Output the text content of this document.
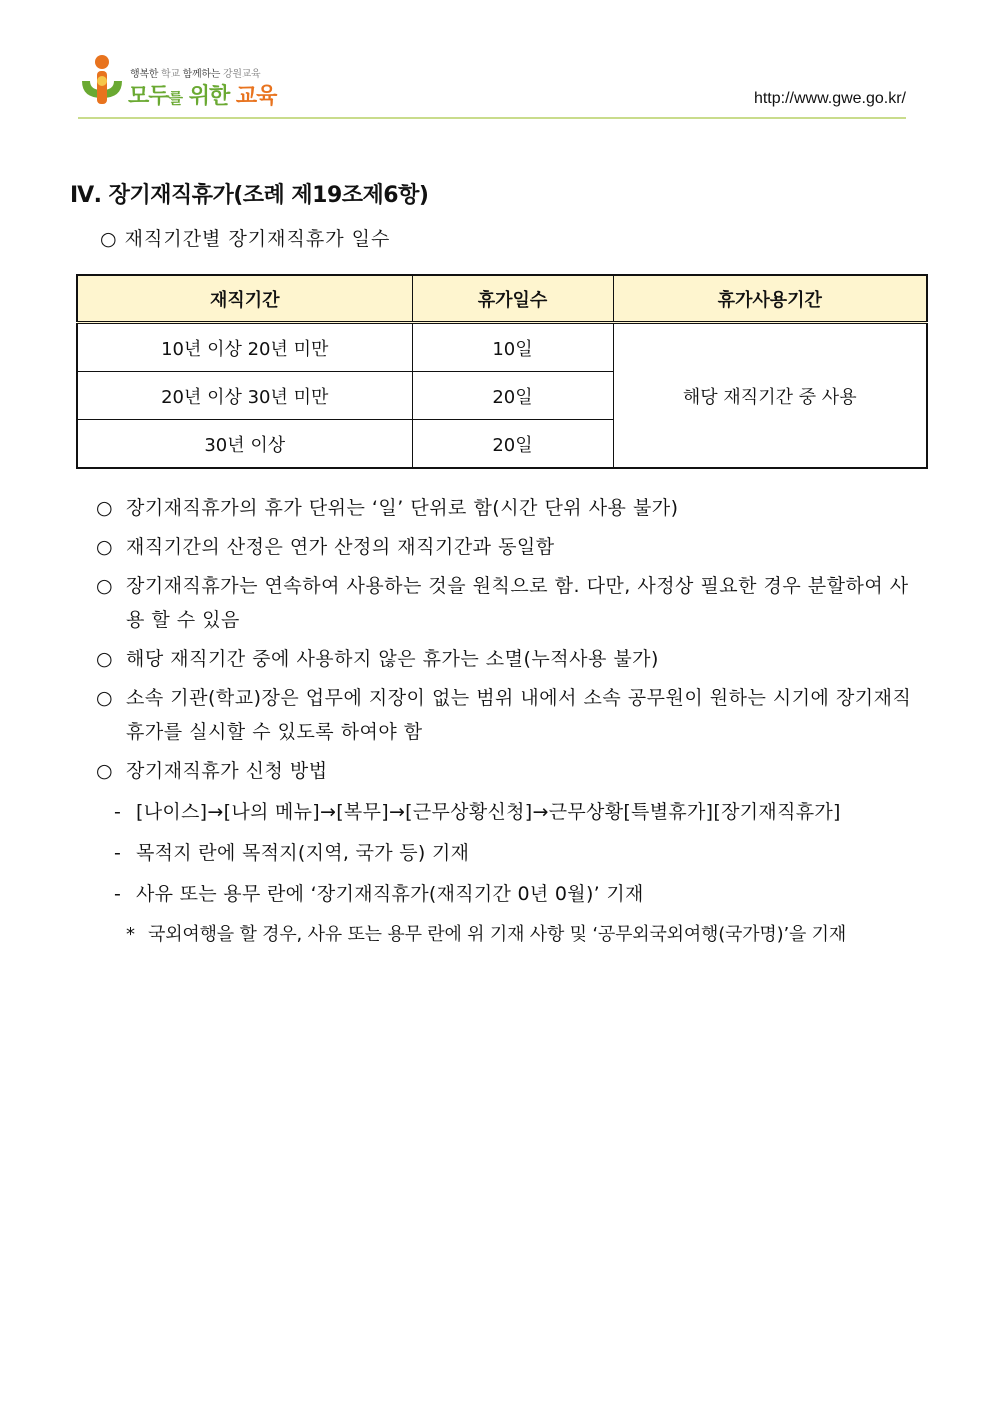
행복한 학교 함께하는 강원교육
모두를 위한 교육	http://www.gwe.go.kr/
Ⅳ. 장기재직휴가(조례 제19조제6항)
○ 재직기간별 장기재직휴가 일수
재직기간	휴가일수	휴가사용기간
10년 이상 20년 미만	10일	해당 재직기간 중 사용
20년 이상 30년 미만	20일	
30년 이상	20일	
○ 장기재직휴가의 휴가 단위는 ‘일’ 단위로 함(시간 단위 사용 불가)
○ 재직기간의 산정은 연가 산정의 재직기간과 동일함
○ 장기재직휴가는 연속하여 사용하는 것을 원칙으로 함. 다만, 사정상 필요한 경우 분할하여 사용 할 수 있음
○ 해당 재직기간 중에 사용하지 않은 휴가는 소멸(누적사용 불가)
○ 소속 기관(학교)장은 업무에 지장이 없는 범위 내에서 소속 공무원이 원하는 시기에 장기재직휴가를 실시할 수 있도록 하여야 함
○ 장기재직휴가 신청 방법
- [나이스]→[나의 메뉴]→[복무]→[근무상황신청]→근무상황[특별휴가][장기재직휴가]
- 목적지 란에 목적지(지역, 국가 등) 기재
- 사유 또는 용무 란에 ‘장기재직휴가(재직기간 0년 0월)’ 기재
* 국외여행을 할 경우, 사유 또는 용무 란에 위 기재 사항 및 ‘공무외국외여행(국가명)’을 기재
